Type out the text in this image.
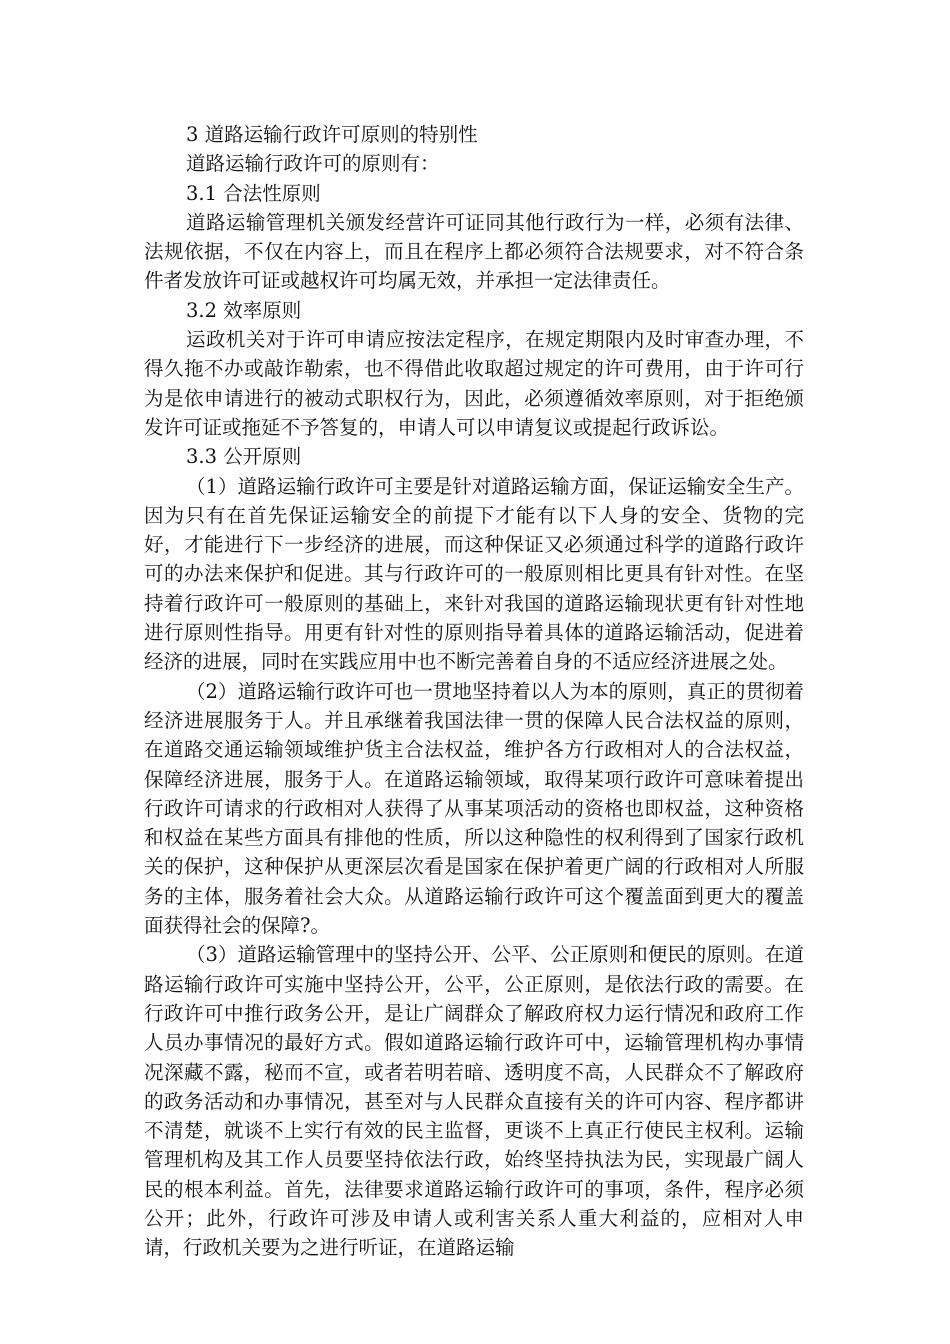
3 道路运输行政许可原则的特别性

道路运输行政许可的原则有：

3.1 合法性原则

道路运输管理机关颁发经营许可证同其他行政行为一样，必须有法律、法规依据，不仅在内容上，而且在程序上都必须符合法规要求，对不符合条件者发放许可证或越权许可均属无效，并承担一定法律责任。

3.2 效率原则

运政机关对于许可申请应按法定程序，在规定期限内及时审查办理，不得久拖不办或敲诈勒索，也不得借此收取超过规定的许可费用，由于许可行为是依申请进行的被动式职权行为，因此，必须遵循效率原则，对于拒绝颁发许可证或拖延不予答复的，申请人可以申请复议或提起行政诉讼。

3.3 公开原则

（1）道路运输行政许可主要是针对道路运输方面，保证运输安全生产。因为只有在首先保证运输安全的前提下才能有以下人身的安全、货物的完好，才能进行下一步经济的进展，而这种保证又必须通过科学的道路行政许可的办法来保护和促进。其与行政许可的一般原则相比更具有针对性。在坚持着行政许可一般原则的基础上，来针对我国的道路运输现状更有针对性地进行原则性指导。用更有针对性的原则指导着具体的道路运输活动，促进着经济的进展，同时在实践应用中也不断完善着自身的不适应经济进展之处。

（2）道路运输行政许可也一贯地坚持着以人为本的原则，真正的贯彻着经济进展服务于人。并且承继着我国法律一贯的保障人民合法权益的原则，在道路交通运输领域维护货主合法权益，维护各方行政相对人的合法权益，保障经济进展，服务于人。在道路运输领域，取得某项行政许可意味着提出行政许可请求的行政相对人获得了从事某项活动的资格也即权益，这种资格和权益在某些方面具有排他的性质，所以这种隐性的权利得到了国家行政机关的保护，这种保护从更深层次看是国家在保护着更广阔的行政相对人所服务的主体，服务着社会大众。从道路运输行政许可这个覆盖面到更大的覆盖面获得社会的保障?。

（3）道路运输管理中的坚持公开、公平、公正原则和便民的原则。在道路运输行政许可实施中坚持公开，公平，公正原则，是依法行政的需要。在行政许可中推行政务公开，是让广阔群众了解政府权力运行情况和政府工作人员办事情况的最好方式。假如道路运输行政许可中，运输管理机构办事情况深藏不露，秘而不宣，或者若明若暗、透明度不高，人民群众不了解政府的政务活动和办事情况，甚至对与人民群众直接有关的许可内容、程序都讲不清楚，就谈不上实行有效的民主监督，更谈不上真正行使民主权利。运输管理机构及其工作人员要坚持依法行政，始终坚持执法为民，实现最广阔人民的根本利益。首先，法律要求道路运输行政许可的事项，条件，程序必须公开；此外，行政许可涉及申请人或利害关系人重大利益的，应相对人申请，行政机关要为之进行听证，在道路运输
